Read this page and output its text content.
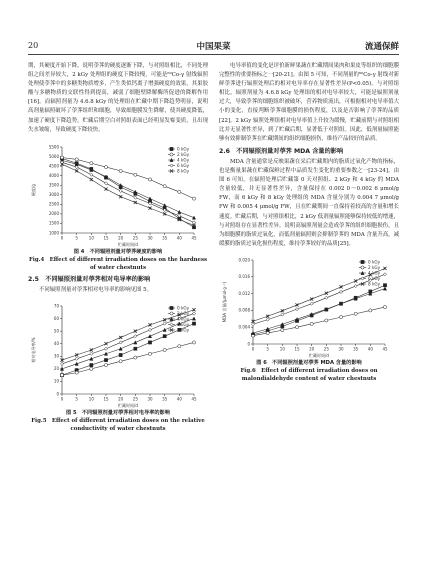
20	中国果菜	流通保鲜

期，其硬度开始下降，说明荸荠的硬度逐渐下降，与对照组相比，不同处理组之间差异较大，2 kGy 处理组的硬度下降较慢，可能是⁶⁰Co-γ 射线辐照处理使荸荠中的多糖类物质增多，产生类似钙离子增强硬度的效果，其果胶酸与多糖物质的交联性得到提高，减弱了细胞壁降解酶所促进的降解作用[16]。而辐照剂量为 4.6.8 kGy 的处理组在贮藏中期下降趋势明显，说明高剂量辐照破坏了荸荠组织和细胞，导致细胞膜发生降解，使其硬度降低，加速了硬度下降趋势。贮藏后期空白对照组表面已经明显发霉变质，且出现失水皱缩，导致硬度下降较快。

1000
1500
2000
2500
3000
3500
4000
4500
5000
5500
0	5	10 15 20 25 30 35 40 45
贮藏时间/d
硬度/g
0 kGy
2 kGy
4 kGy
6 kGy
8 kGy
图 4　不同辐照剂量对荸荠硬度的影响
Fig.4　Effect of different irradiation doses on the hardness
of water chestnuts
2.5　不同辐照剂量对荸荠相对电导率的影响

不同辐照剂量对荸荠相对电导率的影响见图 5。

0
10
20
30
40
50
60
70
0	5	10 15 20 25 30 35 40 45
贮藏时间/d
相对电导率/%
0 kGy
2 kGy
4 kGy
6 kGy
8 kGy
图 5　不同辐照剂量对荸荠相对电导率的影响
Fig.5　Effect of different irradiation doses on the relative
conductivity of water chestnuts

电导率值的变化是评价新鲜果蔬在贮藏期间果肉和果皮等组织的细胞膜完整性的重要指标之一[20-21]。由图 5 可知，不同剂量的⁶⁰Co-γ 射线对新鲜荸荠进行辐照处理后的相对电导率存在显著性差异(P<0.05)。与对照组相比，辐照剂量为 4.6.8 kGy 处理组的相对电导率较大，可能是辐照剂量过大，导致荸荠的细胞组织被破坏，营养物质流出，可根据相对电导率值大小的变化，直接判断荸荠细胞膜的损伤程度，以及是否影响了荸荠的品质[22]。2 kGy 辐照处理组相对电导率值上升较为缓慢，贮藏前期与对照组相比并无显著性差异，到了贮藏后期，显著低于对照组。因此，低剂量辐照能够有效抑制荸荠在贮藏期间的组织细胞损伤，维持产品较好的品质。

2.6　不同辐照剂量对荸荠 MDA 含量的影响

MDA 含量通常是反映果蔬在采后贮藏期内的脂质过氧化产物的指标，也是衡量果蔬在贮藏保鲜过程中品质发生变化的重要参数之一[23-24]。由图 6 可知，在辐照处理后贮藏第 0 天对照组、2 kGy 和 4 kGy 的 MDA 含量较低，并无显著性差异，含量保持在 0.002 0～0.002 6 μmol/g FW，而 6 kGy 和 8 kGy 处理组的 MDA 含量分别为 0.004 7 μmol/g FW 和 0.005 4 μmol/g FW，且在贮藏期间一直保持着较高的含量和增长速度。贮藏后期，与对照组相比，2 kGy 低剂量辐照能够保持较低的增速，与对照组存在显著性差异。说明高辐照剂量会造成荸荠的组织细胞损伤，且为细胞膜的脂质过氧化，而低剂量辐照则会抑制荸荠的 MDA 含量升高，减缓膜的脂质过氧化损伤程度，维持荸荠较好的品质[25]。

0
0.004
0.008
0.012
0.016
0.020
0	5	10 15 20 25 30 35 40 45
贮藏时间/d
MDA 含量/(μmol·g⁻¹)
0 kGy
2 kGy
4 kGy
6 kGy
8 kGy
图 6　不同辐照剂量对荸荠 MDA 含量的影响
Fig.6　Effect of different irradiation doses on
malondialdehyde content of water chestnuts
